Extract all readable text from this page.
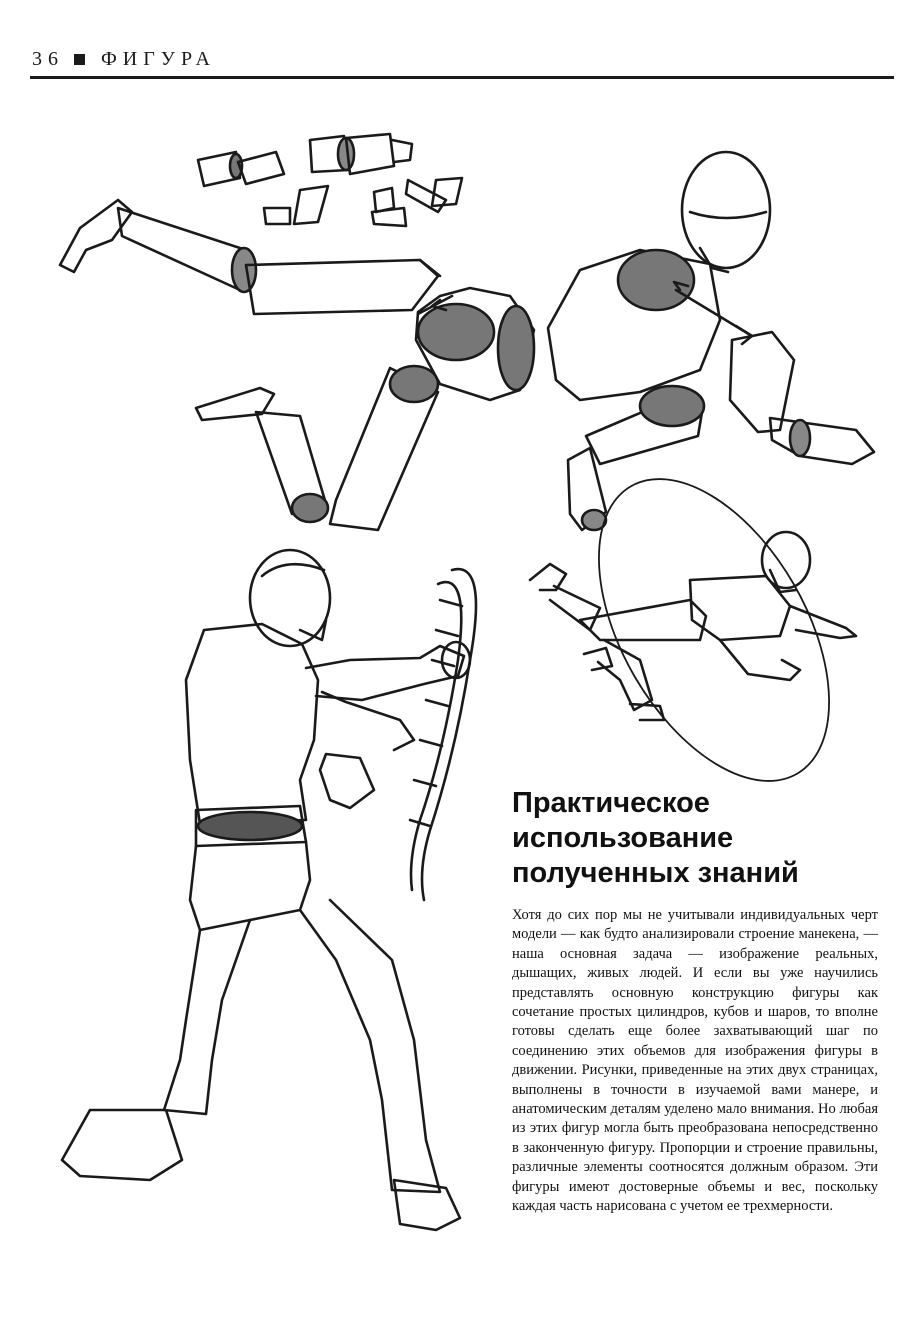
36 ФИГУРА
Практическое
использование
полученных знаний

Хотя до сих пор мы не учитывали индивидуальных черт модели — как будто анализировали строение манекена, — наша основная задача — изображение реальных, дышащих, живых людей. И если вы уже научились представлять основную конструкцию фигуры как сочетание простых цилиндров, кубов и шаров, то вполне готовы сделать еще более захватывающий шаг по соединению этих объемов для изображения фигуры в движении. Рисунки, приведенные на этих двух страницах, выполнены в точности в изучаемой вами манере, и анатомическим деталям уделено мало внимания. Но любая из этих фигур могла быть преобразована непосредственно в законченную фигуру. Пропорции и строение правильны, различные элементы соотносятся должным образом. Эти фигуры имеют достоверные объемы и вес, поскольку каждая часть нарисована с учетом ее трехмерности.
